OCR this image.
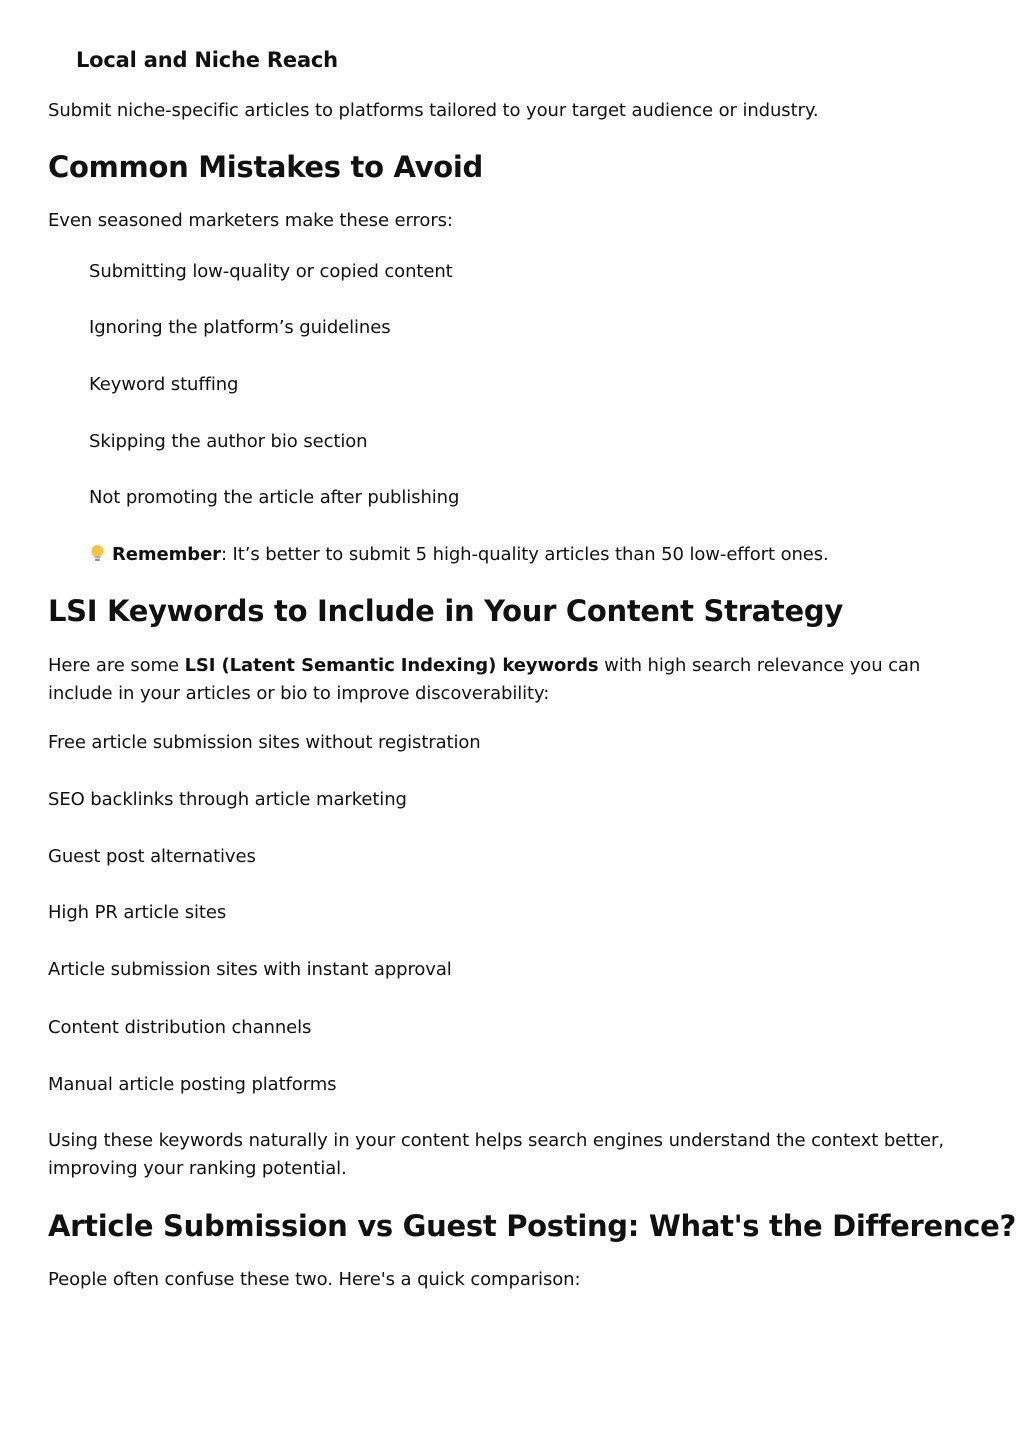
Local and Niche Reach
Submit niche-specific articles to platforms tailored to your target audience or industry.
Common Mistakes to Avoid
Even seasoned marketers make these errors:
Submitting low-quality or copied content
Ignoring the platform’s guidelines
Keyword stuffing
Skipping the author bio section
Not promoting the article after publishing
Remember: It’s better to submit 5 high-quality articles than 50 low-effort ones.
LSI Keywords to Include in Your Content Strategy
Here are some LSI (Latent Semantic Indexing) keywords with high search relevance you can include in your articles or bio to improve discoverability:
Free article submission sites without registration
SEO backlinks through article marketing
Guest post alternatives
High PR article sites
Article submission sites with instant approval
Content distribution channels
Manual article posting platforms
Using these keywords naturally in your content helps search engines understand the context better, improving your ranking potential.
Article Submission vs Guest Posting: What's the Difference?
People often confuse these two. Here's a quick comparison:
